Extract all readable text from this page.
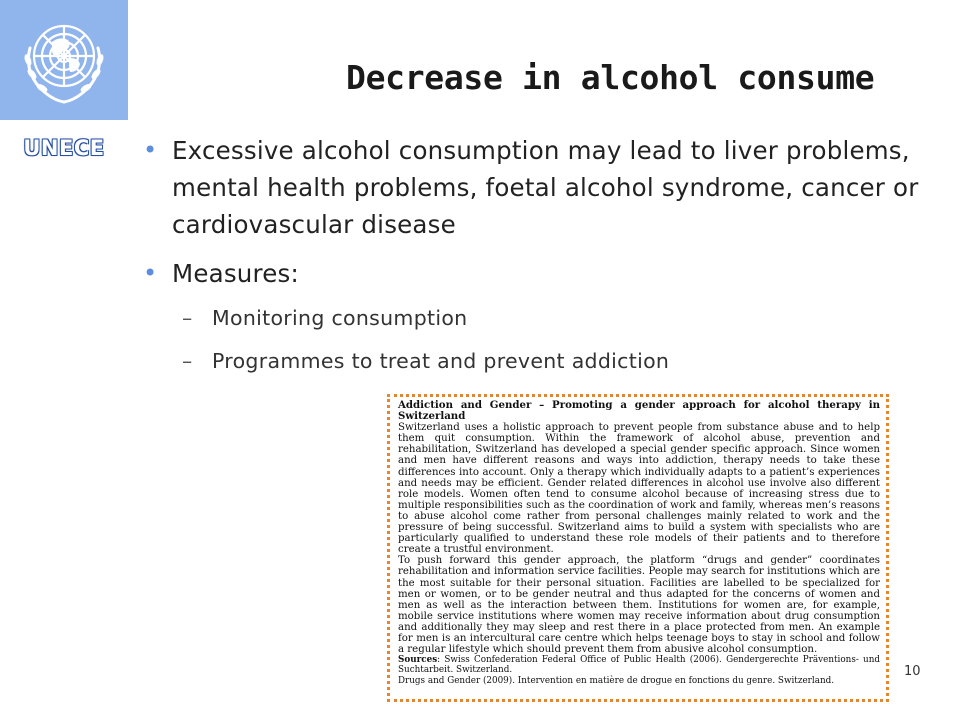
UNECE
Decrease in alcohol consume
• Excessive alcohol consumption may lead to liver problems, mental health problems, foetal alcohol syndrome, cancer or cardiovascular disease
• Measures:
– Monitoring consumption
– Programmes to treat and prevent addiction

Addiction and Gender – Promoting a gender approach for alcohol therapy in Switzerland

Switzerland uses a holistic approach to prevent people from substance abuse and to help them quit consumption. Within the framework of alcohol abuse, prevention and rehabilitation, Switzerland has developed a special gender specific approach. Since women and men have different reasons and ways into addiction, therapy needs to take these differences into account. Only a therapy which individually adapts to a patient’s experiences and needs may be efficient. Gender related differences in alcohol use involve also different role models. Women often tend to consume alcohol because of increasing stress due to multiple responsibilities such as the coordination of work and family, whereas men’s reasons to abuse alcohol come rather from personal challenges mainly related to work and the pressure of being successful. Switzerland aims to build a system with specialists who are particularly qualified to understand these role models of their patients and to therefore create a trustful environment.

To push forward this gender approach, the platform “drugs and gender” coordinates rehabilitation and information service facilities. People may search for institutions which are the most suitable for their personal situation. Facilities are labelled to be specialized for men or women, or to be gender neutral and thus adapted for the concerns of women and men as well as the interaction between them. Institutions for women are, for example, mobile service institutions where women may receive information about drug consumption and additionally they may sleep and rest there in a place protected from men. An example for men is an intercultural care centre which helps teenage boys to stay in school and follow a regular lifestyle which should prevent them from abusive alcohol consumption.

Sources: Swiss Confederation Federal Office of Public Health (2006). Gendergerechte Präventions- und Suchtarbeit. Switzerland.

Drugs and Gender (2009). Intervention en matière de drogue en fonctions du genre. Switzerland.

10
